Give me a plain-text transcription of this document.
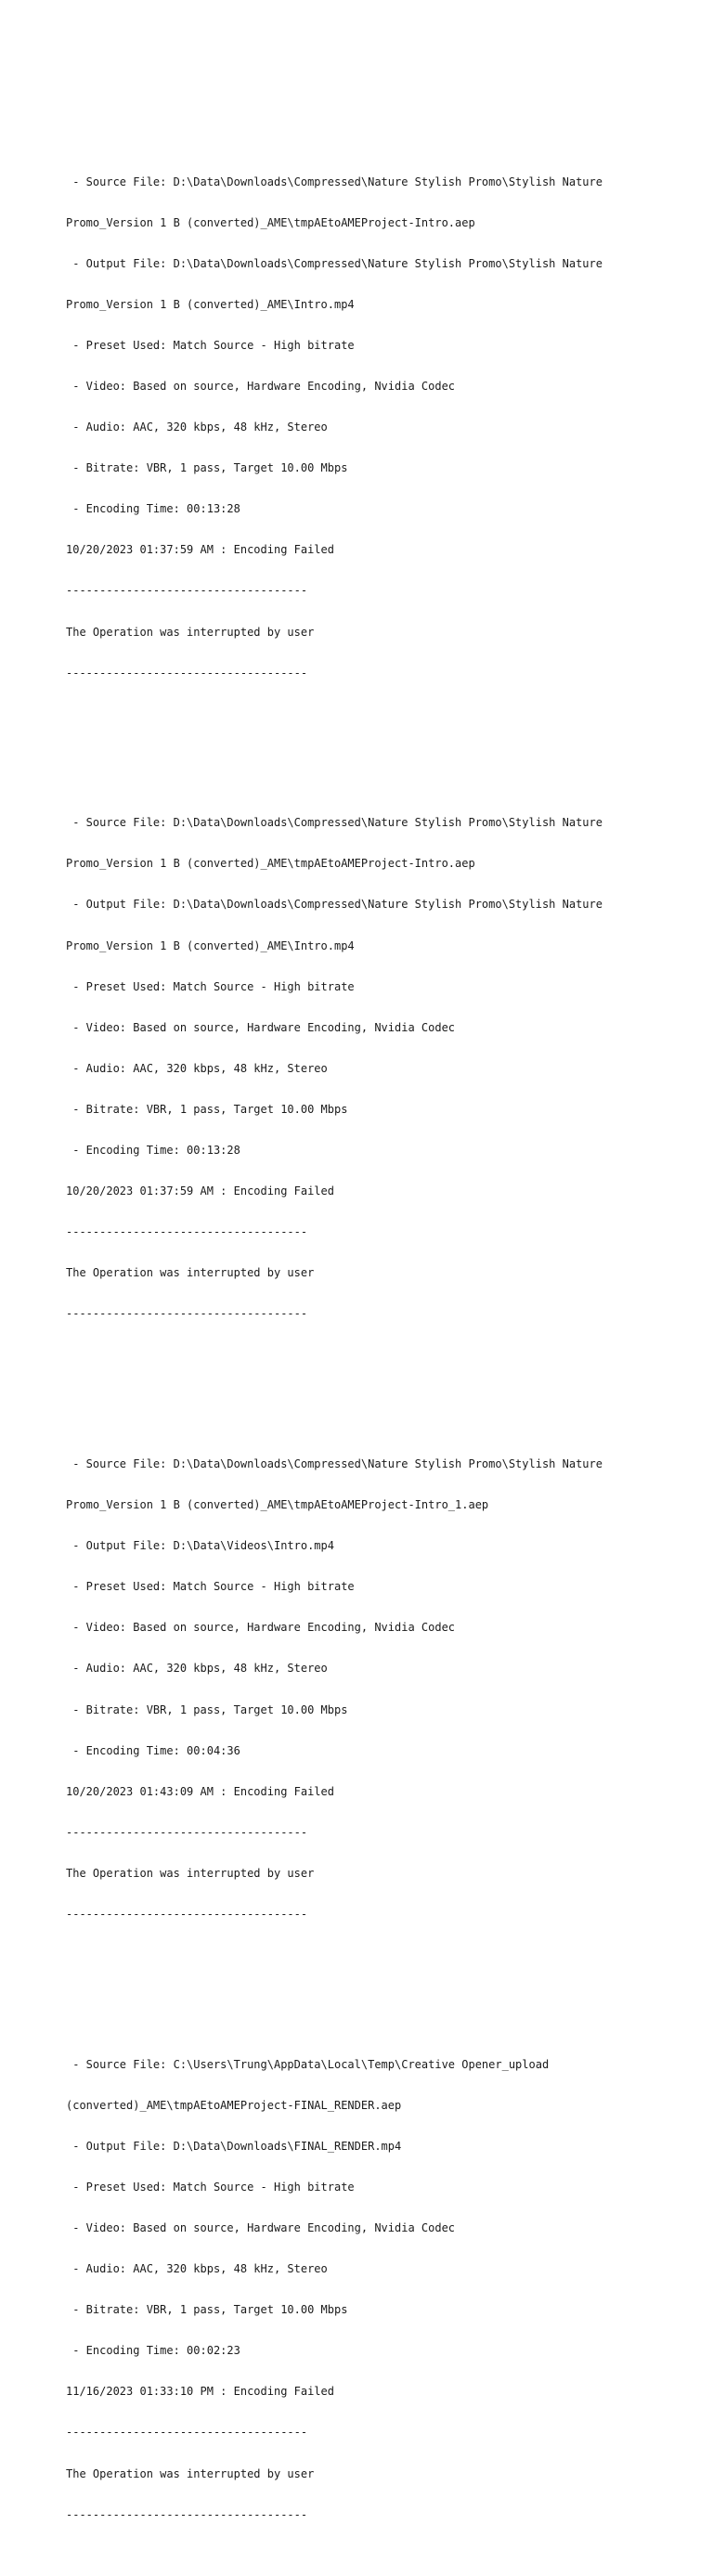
- Source File: D:\Data\Downloads\Compressed\Nature Stylish Promo\Stylish Nature

Promo_Version 1 B (converted)_AME\tmpAEtoAMEProject-Intro.aep

- Output File: D:\Data\Downloads\Compressed\Nature Stylish Promo\Stylish Nature

Promo_Version 1 B (converted)_AME\Intro.mp4

- Preset Used: Match Source - High bitrate

- Video: Based on source, Hardware Encoding, Nvidia Codec

- Audio: AAC, 320 kbps, 48 kHz, Stereo

- Bitrate: VBR, 1 pass, Target 10.00 Mbps

- Encoding Time: 00:13:28

10/20/2023 01:37:59 AM : Encoding Failed

------------------------------------

The Operation was interrupted by user

------------------------------------

- Source File: D:\Data\Downloads\Compressed\Nature Stylish Promo\Stylish Nature

Promo_Version 1 B (converted)_AME\tmpAEtoAMEProject-Intro.aep

- Output File: D:\Data\Downloads\Compressed\Nature Stylish Promo\Stylish Nature

Promo_Version 1 B (converted)_AME\Intro.mp4

- Preset Used: Match Source - High bitrate

- Video: Based on source, Hardware Encoding, Nvidia Codec

- Audio: AAC, 320 kbps, 48 kHz, Stereo

- Bitrate: VBR, 1 pass, Target 10.00 Mbps

- Encoding Time: 00:13:28

10/20/2023 01:37:59 AM : Encoding Failed

------------------------------------

The Operation was interrupted by user

------------------------------------

- Source File: D:\Data\Downloads\Compressed\Nature Stylish Promo\Stylish Nature

Promo_Version 1 B (converted)_AME\tmpAEtoAMEProject-Intro_1.aep

- Output File: D:\Data\Videos\Intro.mp4

- Preset Used: Match Source - High bitrate

- Video: Based on source, Hardware Encoding, Nvidia Codec

- Audio: AAC, 320 kbps, 48 kHz, Stereo

- Bitrate: VBR, 1 pass, Target 10.00 Mbps

- Encoding Time: 00:04:36

10/20/2023 01:43:09 AM : Encoding Failed

------------------------------------

The Operation was interrupted by user

------------------------------------

- Source File: C:\Users\Trung\AppData\Local\Temp\Creative Opener_upload

(converted)_AME\tmpAEtoAMEProject-FINAL_RENDER.aep

- Output File: D:\Data\Downloads\FINAL_RENDER.mp4

- Preset Used: Match Source - High bitrate

- Video: Based on source, Hardware Encoding, Nvidia Codec

- Audio: AAC, 320 kbps, 48 kHz, Stereo

- Bitrate: VBR, 1 pass, Target 10.00 Mbps

- Encoding Time: 00:02:23

11/16/2023 01:33:10 PM : Encoding Failed

------------------------------------

The Operation was interrupted by user

------------------------------------
